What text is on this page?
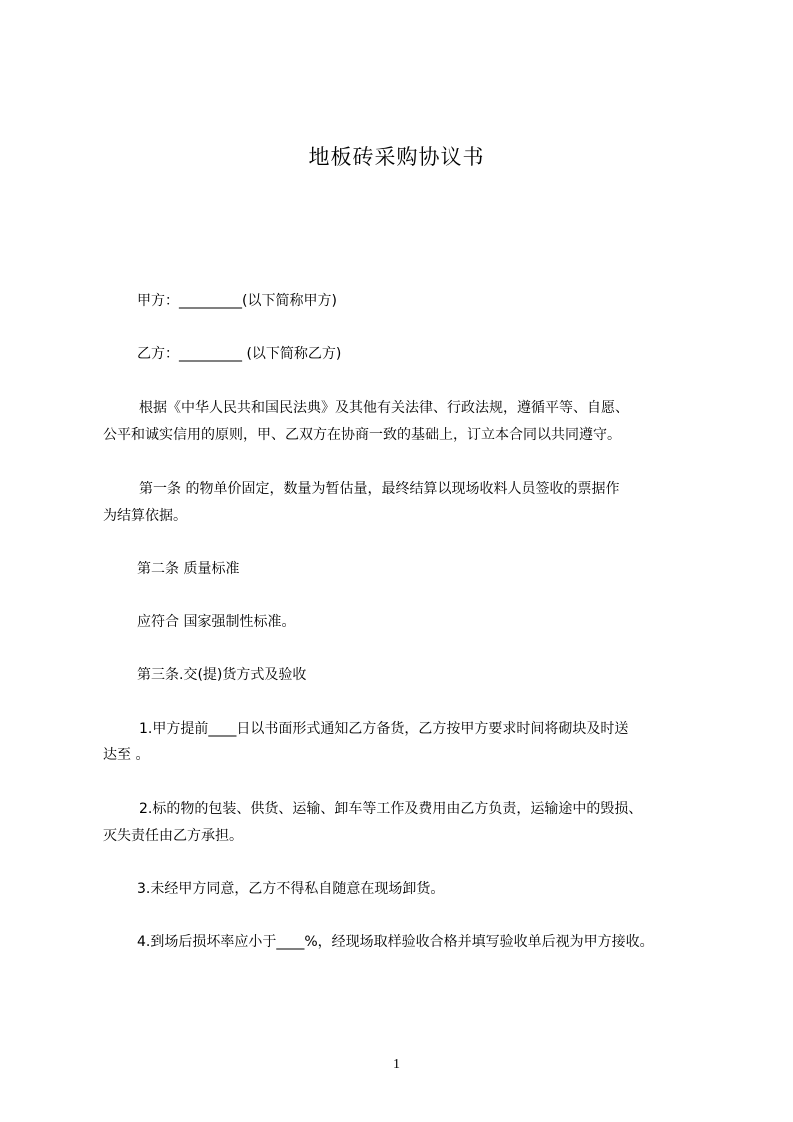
地板砖采购协议书
甲方：_________(以下简称甲方)
乙方：_________ (以下简称乙方)
根据《中华人民共和国民法典》及其他有关法律、行政法规，遵循平等、自愿、
公平和诚实信用的原则，甲、乙双方在协商一致的基础上，订立本合同以共同遵守。
第一条 的物单价固定，数量为暂估量，最终结算以现场收料人员签收的票据作
为结算依据。
第二条 质量标准
应符合 国家强制性标准。
第三条.交(提)货方式及验收
1.甲方提前____日以书面形式通知乙方备货，乙方按甲方要求时间将砌块及时送
达至 。
2.标的物的包装、供货、运输、卸车等工作及费用由乙方负责，运输途中的毁损、
灭失责任由乙方承担。
3.未经甲方同意，乙方不得私自随意在现场卸货。
4.到场后损坏率应小于____%，经现场取样验收合格并填写验收单后视为甲方接收。
1
